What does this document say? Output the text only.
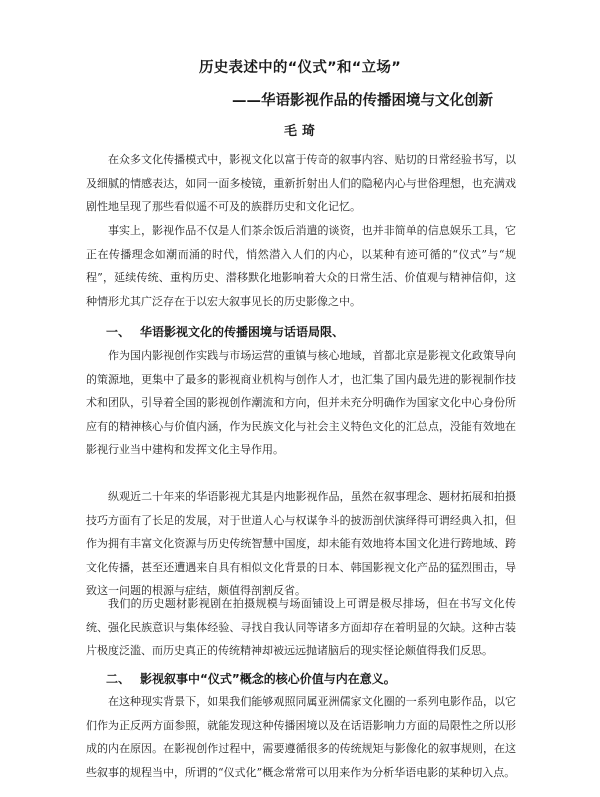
历史表述中的“仪式”和“立场”
——华语影视作品的传播困境与文化创新
毛琦

在众多文化传播模式中，影视文化以富于传奇的叙事内容、贴切的日常经验书写，以及细腻的情感表达，如同一面多棱镜，重新折射出人们的隐秘内心与世俗理想，也充满戏剧性地呈现了那些看似遥不可及的族群历史和文化记忆。

事实上，影视作品不仅是人们茶余饭后消遣的谈资，也并非简单的信息娱乐工具，它正在传播理念如潮而涌的时代，悄然潜入人们的内心，以某种有迹可循的“仪式”与“规程”，延续传统、重构历史、潜移默化地影响着大众的日常生活、价值观与精神信仰，这种情形尤其广泛存在于以宏大叙事见长的历史影像之中。

一、 华语影视文化的传播困境与话语局限、

作为国内影视创作实践与市场运营的重镇与核心地域，首都北京是影视文化政策导向的策源地，更集中了最多的影视商业机构与创作人才，也汇集了国内最先进的影视制作技术和团队，引导着全国的影视创作潮流和方向，但并未充分明确作为国家文化中心身份所应有的精神核心与价值内涵，作为民族文化与社会主义特色文化的汇总点，没能有效地在影视行业当中建构和发挥文化主导作用。

纵观近二十年来的华语影视尤其是内地影视作品，虽然在叙事理念、题材拓展和拍摄技巧方面有了长足的发展，对于世道人心与权谋争斗的披沥剖伏演绎得可谓经典入扣，但作为拥有丰富文化资源与历史传统智慧中国度，却未能有效地将本国文化进行跨地域、跨文化传播，甚至还遭遇来自具有相似文化背景的日本、韩国影视文化产品的猛烈围击，导致这一问题的根源与症结，颇值得剖割反省。

我们的历史题材影视剧在拍摄规模与场面铺设上可谓是极尽排场，但在书写文化传统、强化民族意识与集体经验、寻找自我认同等诸多方面却存在着明显的欠缺。这种古装片极度泛滥、而历史真正的传统精神却被远远抛诸脑后的现实怪论颇值得我们反思。

二、 影视叙事中“仪式”概念的核心价值与内在意义。

在这种现实背景下，如果我们能够观照同属亚洲儒家文化圈的一系列电影作品，以它们作为正反两方面参照，就能发现这种传播困境以及在话语影响力方面的局限性之所以形成的内在原因。在影视创作过程中，需要遵循很多的传统规矩与影像化的叙事规则，在这些叙事的规程当中，所谓的“仪式化”概念常常可以用来作为分析华语电影的某种切入点。
